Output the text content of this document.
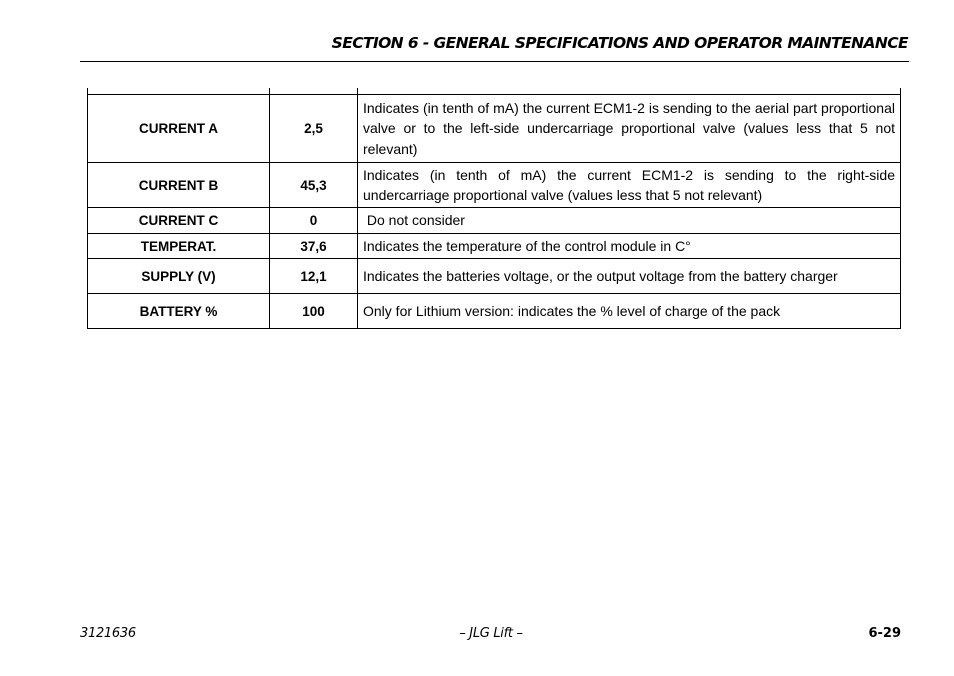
SECTION 6 - GENERAL SPECIFICATIONS AND OPERATOR MAINTENANCE
CURRENT A	2,5	Indicates (in tenth of mA) the current ECM1-2 is sending to the aerial part proportional valve or to the left-side undercarriage proportional valve (values less that 5 not relevant)

CURRENT B	45,3	Indicates (in tenth of mA) the current ECM1-2 is sending to the right-side undercarriage proportional valve (values less that 5 not relevant)

CURRENT C	0	Do not consider

TEMPERAT.	37,6	Indicates the temperature of the control module in C°

SUPPLY (V)	12,1	Indicates the batteries voltage, or the output voltage from the battery charger

BATTERY %	100	Only for Lithium version: indicates the % level of charge of the pack
3121636	– JLG Lift –	6-29
